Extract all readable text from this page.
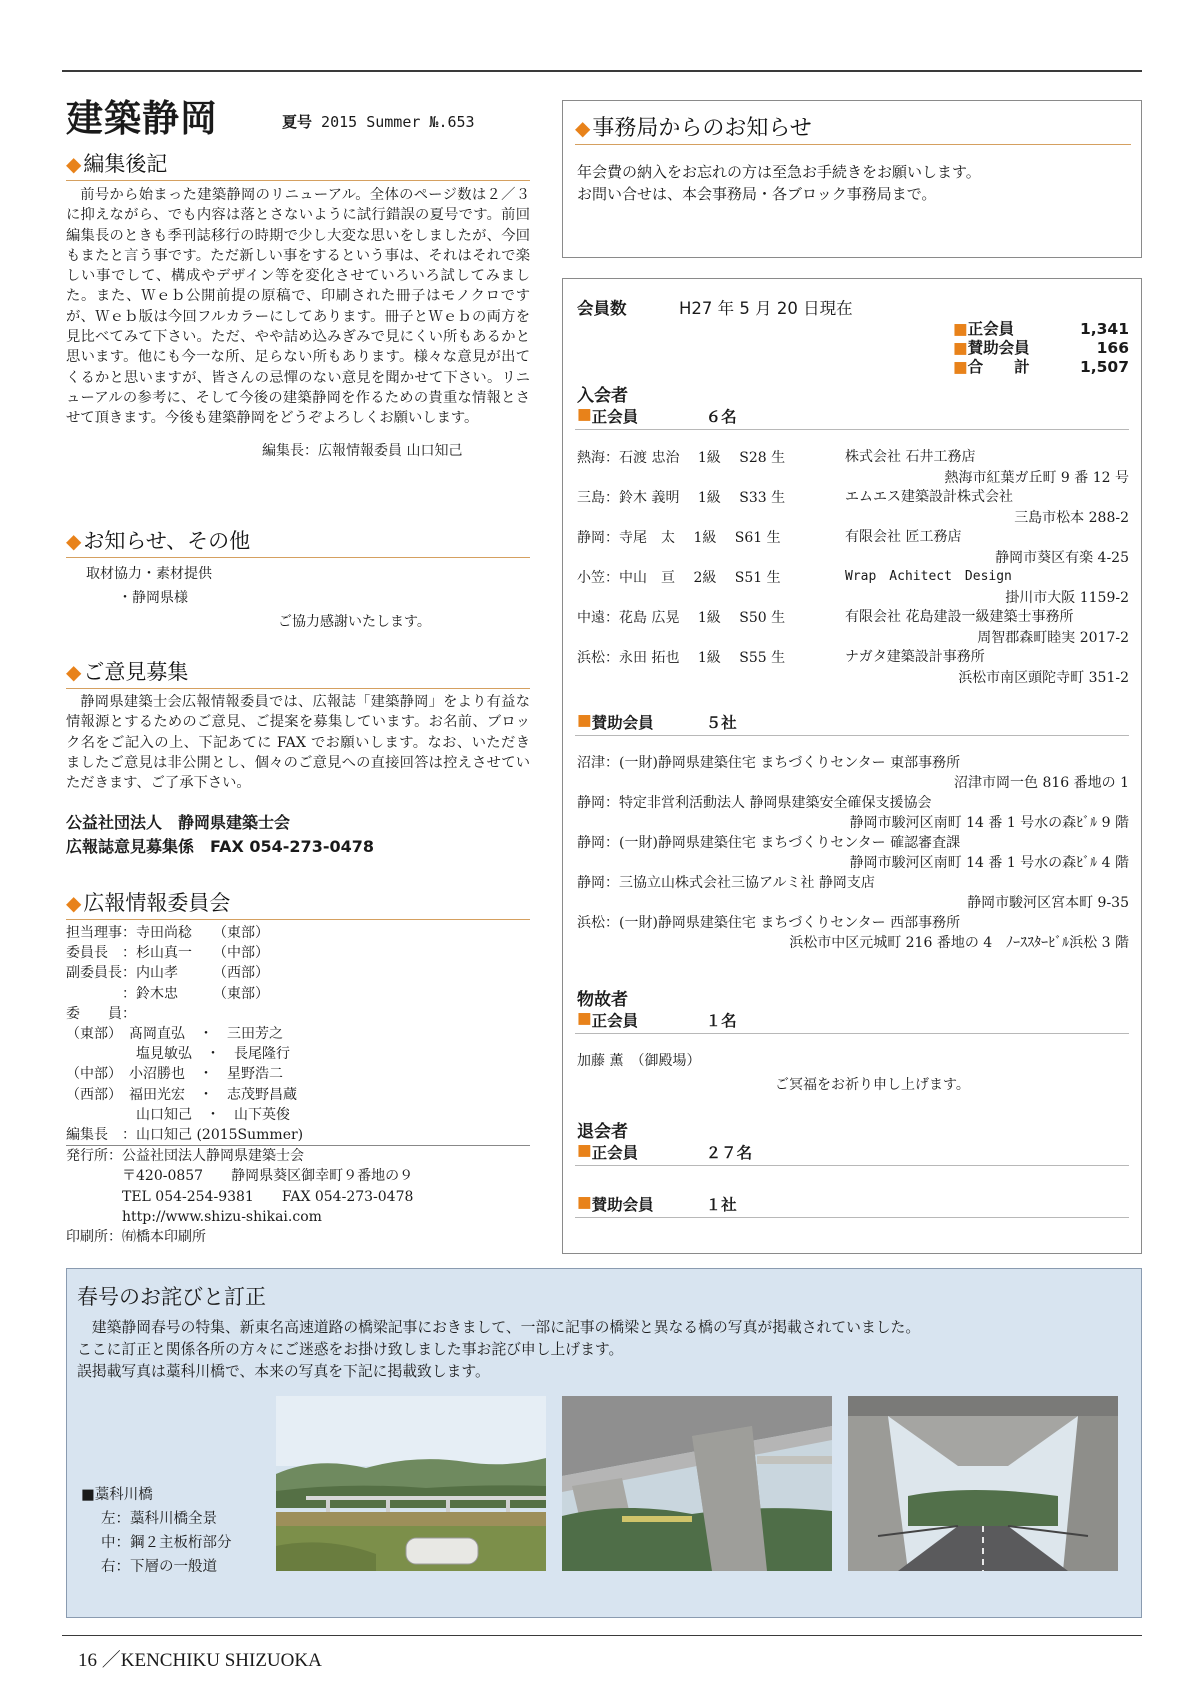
建築静岡	夏号 2015 Summer №.653
◆編集後記
前号から始まった建築静岡のリニューアル。全体のページ数は２／３に抑えながら、でも内容は落とさないように試行錯誤の夏号です。前回編集長のときも季刊誌移行の時期で少し大変な思いをしましたが、今回もまたと言う事です。ただ新しい事をするという事は、それはそれで楽しい事でして、構成やデザイン等を変化させていろいろ試してみました。また、Ｗｅｂ公開前提の原稿で、印刷された冊子はモノクロですが、Ｗｅｂ版は今回フルカラーにしてあります。冊子とＷｅｂの両方を見比べてみて下さい。ただ、やや詰め込みぎみで見にくい所もあるかと思います。他にも今一な所、足らない所もあります。様々な意見が出てくるかと思いますが、皆さんの忌憚のない意見を聞かせて下さい。リニューアルの参考に、そして今後の建築静岡を作るための貴重な情報とさせて頂きます。今後も建築静岡をどうぞよろしくお願いします。
編集長：広報情報委員 山口知己
◆お知らせ、その他
取材協力・素材提供
・静岡県様
ご協力感謝いたします。
◆ご意見募集
静岡県建築士会広報情報委員では、広報誌「建築静岡」をより有益な情報源とするためのご意見、ご提案を募集しています。お名前、ブロック名をご記入の上、下記あてに FAX でお願いします。なお、いただきましたご意見は非公開とし、個々のご意見への直接回答は控えさせていただきます、ご了承下さい。
公益社団法人　静岡県建築士会
広報誌意見募集係　FAX 054-273-0478
◆広報情報委員会
担当理事：寺田尚稔　　（東部）
委員長　：杉山真一　　（中部）
副委員長：内山孝　　　（西部）
　　　　：鈴木忠　　　（東部）
委　　員：
（東部）　髙岡直弘　・　三田芳之
　　　　　塩見敏弘　・　長尾隆行
（中部）　小沼勝也　・　星野浩二
（西部）　福田光宏　・　志茂野昌蔵
　　　　　山口知己　・　山下英俊
編集長　：山口知己 (2015Summer)
発行所：公益社団法人静岡県建築士会
　　　　〒420-0857　　静岡県葵区御幸町９番地の９
　　　　TEL 054-254-9381　　FAX 054-273-0478
　　　　http://www.shizu-shikai.com
印刷所：㈲橋本印刷所
◆事務局からのお知らせ
年会費の納入をお忘れの方は至急お手続きをお願いします。
お問い合せは、本会事務局・各ブロック事務局まで。
会員数	H27 年 5 月 20 日現在
■正会員	1,341
■賛助会員	166
■合　　計	1,507
入会者
■ 正会員	６名
熱海：石渡 忠治　 1級　 S28 生	株式会社 石井工務店
熱海市紅葉ガ丘町 9 番 12 号
三島：鈴木 義明　 1級　 S33 生	エムエス建築設計株式会社
三島市松本 288-2
静岡：寺尾　太　 1級　 S61 生	有限会社 匠工務店
静岡市葵区有楽 4-25
小笠：中山　亘　 2級　 S51 生	Wrap　Achitect　Design
掛川市大阪 1159-2
中遠：花島 広晃　 1級　 S50 生	有限会社 花島建設一級建築士事務所
周智郡森町睦実 2017-2
浜松：永田 拓也　 1級　 S55 生	ナガタ建築設計事務所
浜松市南区頭陀寺町 351-2
■ 賛助会員	５社
沼津：(一財)静岡県建築住宅 まちづくりセンター 東部事務所
沼津市岡一色 816 番地の 1
静岡：特定非営利活動法人 静岡県建築安全確保支援協会
静岡市駿河区南町 14 番 1 号水の森ﾋﾞﾙ 9 階
静岡：(一財)静岡県建築住宅 まちづくりセンター 確認審査課
静岡市駿河区南町 14 番 1 号水の森ﾋﾞﾙ 4 階
静岡：三協立山株式会社三協アルミ社 静岡支店
静岡市駿河区宮本町 9-35
浜松：(一財)静岡県建築住宅 まちづくりセンター 西部事務所
浜松市中区元城町 216 番地の 4　ﾉｰｽｽﾀｰﾋﾞﾙ浜松 3 階
物故者
■ 正会員	１名
加藤 薫　（御殿場）
ご冥福をお祈り申し上げます。
退会者
■ 正会員	２７名
■ 賛助会員	１社
春号のお詫びと訂正
建築静岡春号の特集、新東名高速道路の橋梁記事におきまして、一部に記事の橋梁と異なる橋の写真が掲載されていました。
ここに訂正と関係各所の方々にご迷惑をお掛け致しました事お詫び申し上げます。
誤掲載写真は藁科川橋で、本来の写真を下記に掲載致します。
■藁科川橋
左：藁科川橋全景
中：鋼２主板桁部分
右：下層の一般道
16 ／KENCHIKU SHIZUOKA
